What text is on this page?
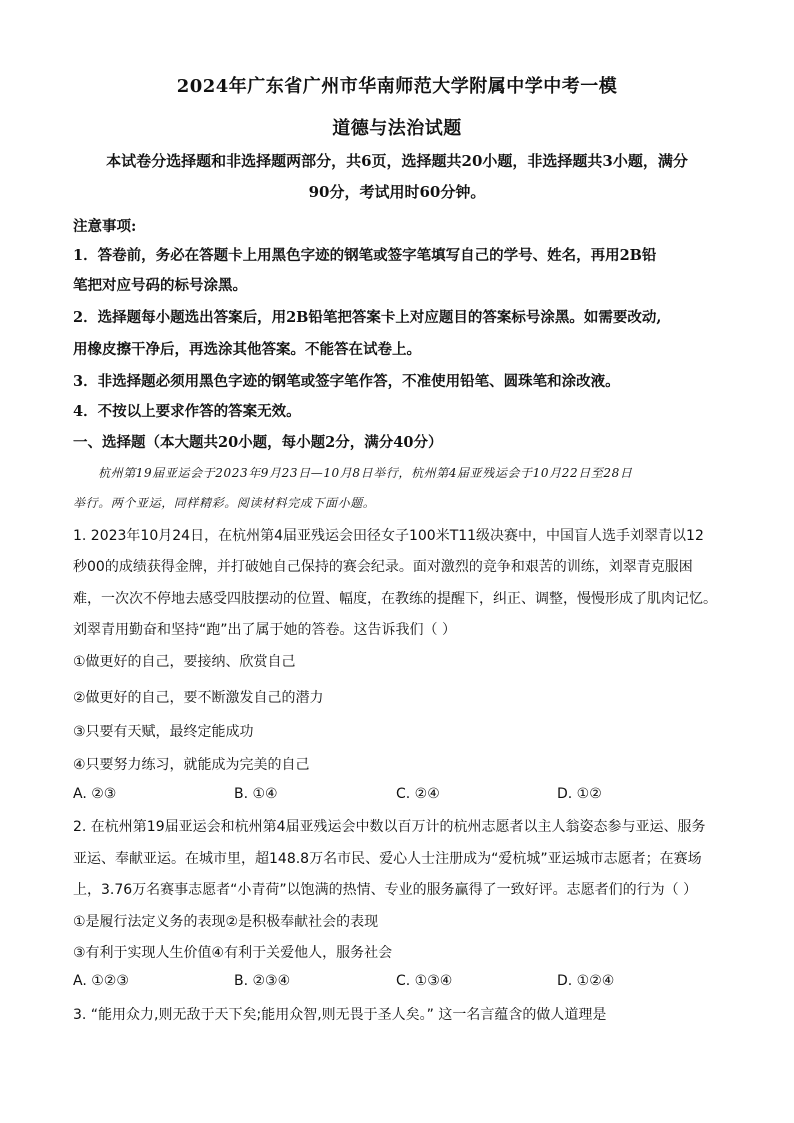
2024年广东省广州市华南师范大学附属中学中考一模
道德与法治试题
本试卷分选择题和非选择题两部分，共6页，选择题共20小题，非选择题共3小题，满分
90分，考试用时60分钟。
注意事项:
1．答卷前，务必在答题卡上用黑色字迹的钢笔或签字笔填写自己的学号、姓名，再用2B铅
笔把对应号码的标号涂黑。
2．选择题每小题选出答案后，用2B铅笔把答案卡上对应题目的答案标号涂黑。如需要改动,
用橡皮擦干净后，再选涂其他答案。不能答在试卷上。
3．非选择题必须用黑色字迹的钢笔或签字笔作答，不准使用铅笔、圆珠笔和涂改液。
4．不按以上要求作答的答案无效。
一、选择题（本大题共20小题，每小题2分，满分40分）
杭州第19届亚运会于2023年9月23日—10月8日举行，杭州第4届亚残运会于10月22日至28日
举行。两个亚运，同样精彩。阅读材料完成下面小题。
1. 2023年10月24日，在杭州第4届亚残运会田径女子100米T11级决赛中，中国盲人选手刘翠青以12
秒00的成绩获得金牌，并打破她自己保持的赛会纪录。面对激烈的竞争和艰苦的训练，刘翠青克服困
难，一次次不停地去感受四肢摆动的位置、幅度，在教练的提醒下，纠正、调整，慢慢形成了肌肉记忆。
刘翠青用勤奋和坚持“跑”出了属于她的答卷。这告诉我们（ ）
①做更好的自己，要接纳、欣赏自己
②做更好的自己，要不断激发自己的潜力
③只要有天赋，最终定能成功
④只要努力练习，就能成为完美的自己
A. ②③	B. ①④	C. ②④	D. ①②
2. 在杭州第19届亚运会和杭州第4届亚残运会中数以百万计的杭州志愿者以主人翁姿态参与亚运、服务
亚运、奉献亚运。在城市里，超148.8万名市民、爱心人士注册成为“爱杭城”亚运城市志愿者；在赛场
上，3.76万名赛事志愿者“小青荷”以饱满的热情、专业的服务赢得了一致好评。志愿者们的行为（ ）
①是履行法定义务的表现②是积极奉献社会的表现
③有利于实现人生价值④有利于关爱他人，服务社会
A. ①②③	B. ②③④	C. ①③④	D. ①②④
3. “能用众力,则无敌于天下矣;能用众智,则无畏于圣人矣。” 这一名言蕴含的做人道理是
